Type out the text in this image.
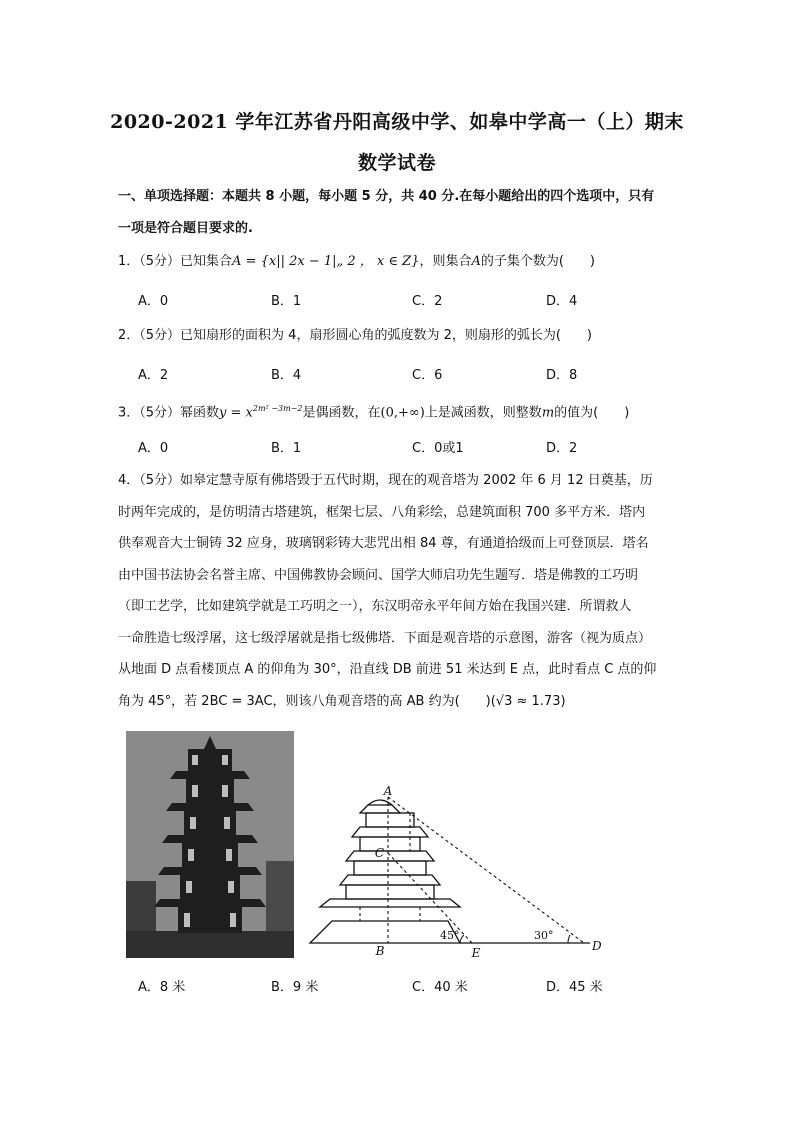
2020-2021 学年江苏省丹阳高级中学、如皋中学高一（上）期末
数学试卷
一、单项选择题：本题共 8 小题，每小题 5 分，共 40 分.在每小题给出的四个选项中，只有
一项是符合题目要求的.
1．（5分）已知集合A = {x|| 2x − 1|„ 2 ， x ∈ Z}，则集合A的子集个数为(　　)
A．0	B．1	C．2	D．4
2．（5分）已知扇形的面积为 4，扇形圆心角的弧度数为 2，则扇形的弧长为(　　)
A．2	B．4	C．6	D．8
3．（5分）幂函数$y = x^{2m^2 -3m-2}$是偶函数，在(0,+∞)上是减函数，则整数m的值为(　　)
A．0	B．1	C．0或1	D．2
4．（5分）如皋定慧寺原有佛塔毁于五代时期，现在的观音塔为 2002 年 6 月 12 日奠基，历
时两年完成的，是仿明清古塔建筑，框架七层、八角彩绘，总建筑面积 700 多平方米．塔内
供奉观音大士铜铸 32 应身，玻璃钢彩铸大悲咒出相 84 尊，有通道拾级而上可登顶层．塔名
由中国书法协会名誉主席、中国佛教协会顾问、国学大师启功先生题写．塔是佛教的工巧明
（即工艺学，比如建筑学就是工巧明之一），东汉明帝永平年间方始在我国兴建．所谓救人
一命胜造七级浮屠，这七级浮屠就是指七级佛塔．下面是观音塔的示意图，游客（视为质点）
从地面 D 点看楼顶点 A 的仰角为 30°，沿直线 DB 前进 51 米达到 E 点，此时看点 C 点的仰
角为 45°，若 2BC = 3AC，则该八角观音塔的高 AB 约为(　　)(√3 ≈ 1.73)
A
B
C
D
E
45°	30°
A．8 米	B．9 米	C．40 米	D．45 米
